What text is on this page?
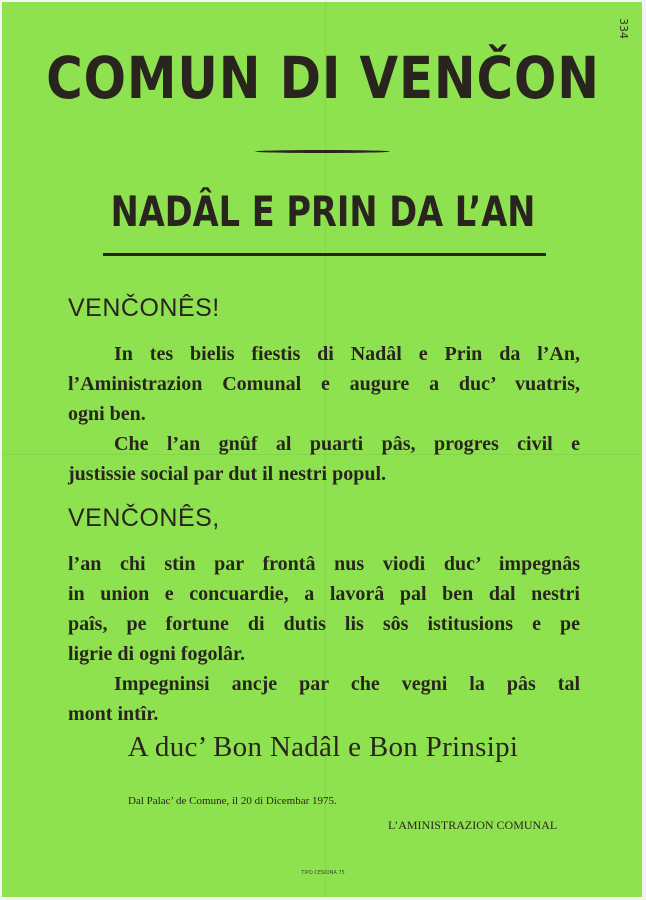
334
COMUN DI VENČON
NADÂL E PRIN DA L’AN
VENČONÊS!
In tes bielis fiestis di Nadâl e Prin da l’An,
l’Aministrazion Comunal e augure a duc’ vuatris,
ogni ben.
Che l’an gnûf al puarti pâs, progres civil e
justissie social par dut il nestri popul.
VENČONÊS,
l’an chi stin par frontâ nus viodi duc’ impegnâs
in union e concuardie, a lavorâ pal ben dal nestri
paîs, pe fortune di dutis lis sôs istitusions e pe
ligrie di ogni fogolâr.
Impegninsi ancje par che vegni la pâs tal
mont intîr.
A duc’ Bon Nadâl e Bon Prinsipi
Dal Palac’ de Comune, il 20 di Dicembar 1975.
L’AMINISTRAZION COMUNAL
TIPO CESIONA 75
